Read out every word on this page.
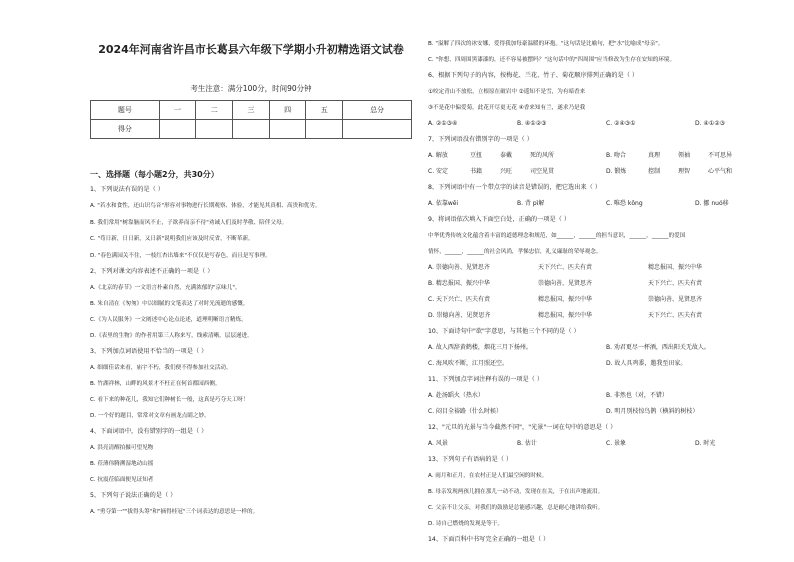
2024年河南省许昌市长葛县六年级下学期小升初精选语文试卷
考生注意：满分100分，时间90分钟
题号	一	二	三	四	五	总分
得分						
一、选择题（每小题2分，共30分）
1、下列说法有误的是（ ）
A. "若水和食性，还山识鸟音"形容对事物进行长期观察、体验，才能见其真相、高贵和优劣。
B. 我们常用"树靠脑而风不止，子欲养而亲不待"劝诫人们及时孝敬、陪伴父母。
C. "苟日新，日日新，又日新"说明我们应该及时反省，不断革新。
D. "春色满园关不住，一枝红杏出墙来"不仅仅是写春色，而且是写事理。
2、下列对课文内容表述不正确的一项是（ ）
A.《北京的春节》一文语言朴素自然，充满浓郁的"京味儿"。
B. 朱自清在《匆匆》中以细腻的文笔表达了对时光流逝的感慨。
C.《为人民服务》一文阐述中心论点论述，道理明晰语言精炼。
D.《表里的生物》的作者用第三人称来写，线索清晰，层层递进。
3、下列加点词语使用不恰当的一项是（ ）
A. 细细佳话来看，庙宇不朽，我们便不得参加社交活动。
B. 竹湖祥林，山畔的风景才不枉正在何首都园西侧。
C. 看下来的种花儿，我知它们种树长一般，这真是巧夺天工呀！
D. 一个好的题目，常常对文章有画龙点睛之妙。
4、下面词语中，没有错别字的一组是（ ）
A. 洪亮清醒拍摄可望见物
B. 莅薄伟腾溯湿地动山摇
C. 抗震莅临面便见证知者
5、下列句子说法正确的是（ ）
A. "勇夺第一""拔得头筹"和"摘得桂冠"三个词表达的意思是一样的。
B. "溢解了四次的冰安娜，爱得我加每豪温暖的环抱。"这句话是比喻句，把"水"比喻成"母亲"。
C. "你想，四周围黑漆漆的，还不容易被摆吗？"这句话中的"四周围"应当修改为生存在安知的环境。
6、根据下列句子的内容，按梅花、兰花、竹子、菊花顺序排列正确的是（ ）
①咬定青山不放松，立根原在破岩中 ②遥知不是雪，为有暗香来
③不是花中偏爱菊，此花开尽更无花 ④香来知有兰，遂求乃是我
A. ②①③④	B. ④①②③	C. ②④③①	D. ④①②③
7、下列词语没有错别字的一项是（ ）
A. 解放	豆扭	泰戴	死的风所	B. 吻合	真理	领袖	不可思异
C. 安定	书籍	兴旺	司空见贯	D. 锻炼	控制	理智	心平气和
8、下列词语中有一个带点字的读音是错误的，把它选出来（ ）
A. 依靠wēi	B. 背 pì解	C. 唯恐 kǒng	D. 挪 nuó移
9、将词语依次填入下面空白处，正确的一项是（ ）
中华优秀传统文化蕴含着丰富的道德理念和规范，如______，______的担当意识，______，______的爱国
情怀，______，______的社会风尚，孝悌忠信，礼义廉耻的荣辱观念。
A. 崇德向善、见贤思齐	天下兴亡、匹夫有责	精忠报国、振兴中华
B. 精忠报国、振兴中华	崇德向善、见贤思齐	天下兴亡、匹夫有责
C. 天下兴亡、匹夫有责	精忠报国、振兴中华	崇德向善、见贤思齐
D. 崇德向善、见贤思齐	精忠报国、振兴中华	天下兴亡、匹夫有责
10、下面诗句中"欲"字意思，与其他三个不同的是（ ）
A. 故人西辞黄鹤楼，烟花三月下扬州。	B. 劝君更尽一杯酒，西出阳关无故人。
C. 海风吹不断，江月照还空。	D. 故人具鸡黍，邀我至田家。
11、下列加点字词注释有误的一项是（ ）
A. 赴汤蹈火（热水）	B. 非然也（对，不错）
C. 闷目全裕路（什么时候）	D. 明月别枝惊鸟鹊（横斜的树枝）
12、"元旦的光景与当今截然不同"，"光景"一词在句中的意思是（ ）
A. 风景	B. 估计	C. 景象	D. 时光
13、下列句子有语病的是（ ）
A. 雨月和正月，在农村正是人们最空闲的时候。
B. 母亲发现两孩儿拥在那儿一动不动，发现在在关，于在出声地流泪。
C. 父亲不让父亲，对我们的鼓励是总能感兴趣，总是耐心地讲给我听。
D. 诗自己燃烧的发现是等于。
14、下面百科中书写完全正确的一组是（ ）
